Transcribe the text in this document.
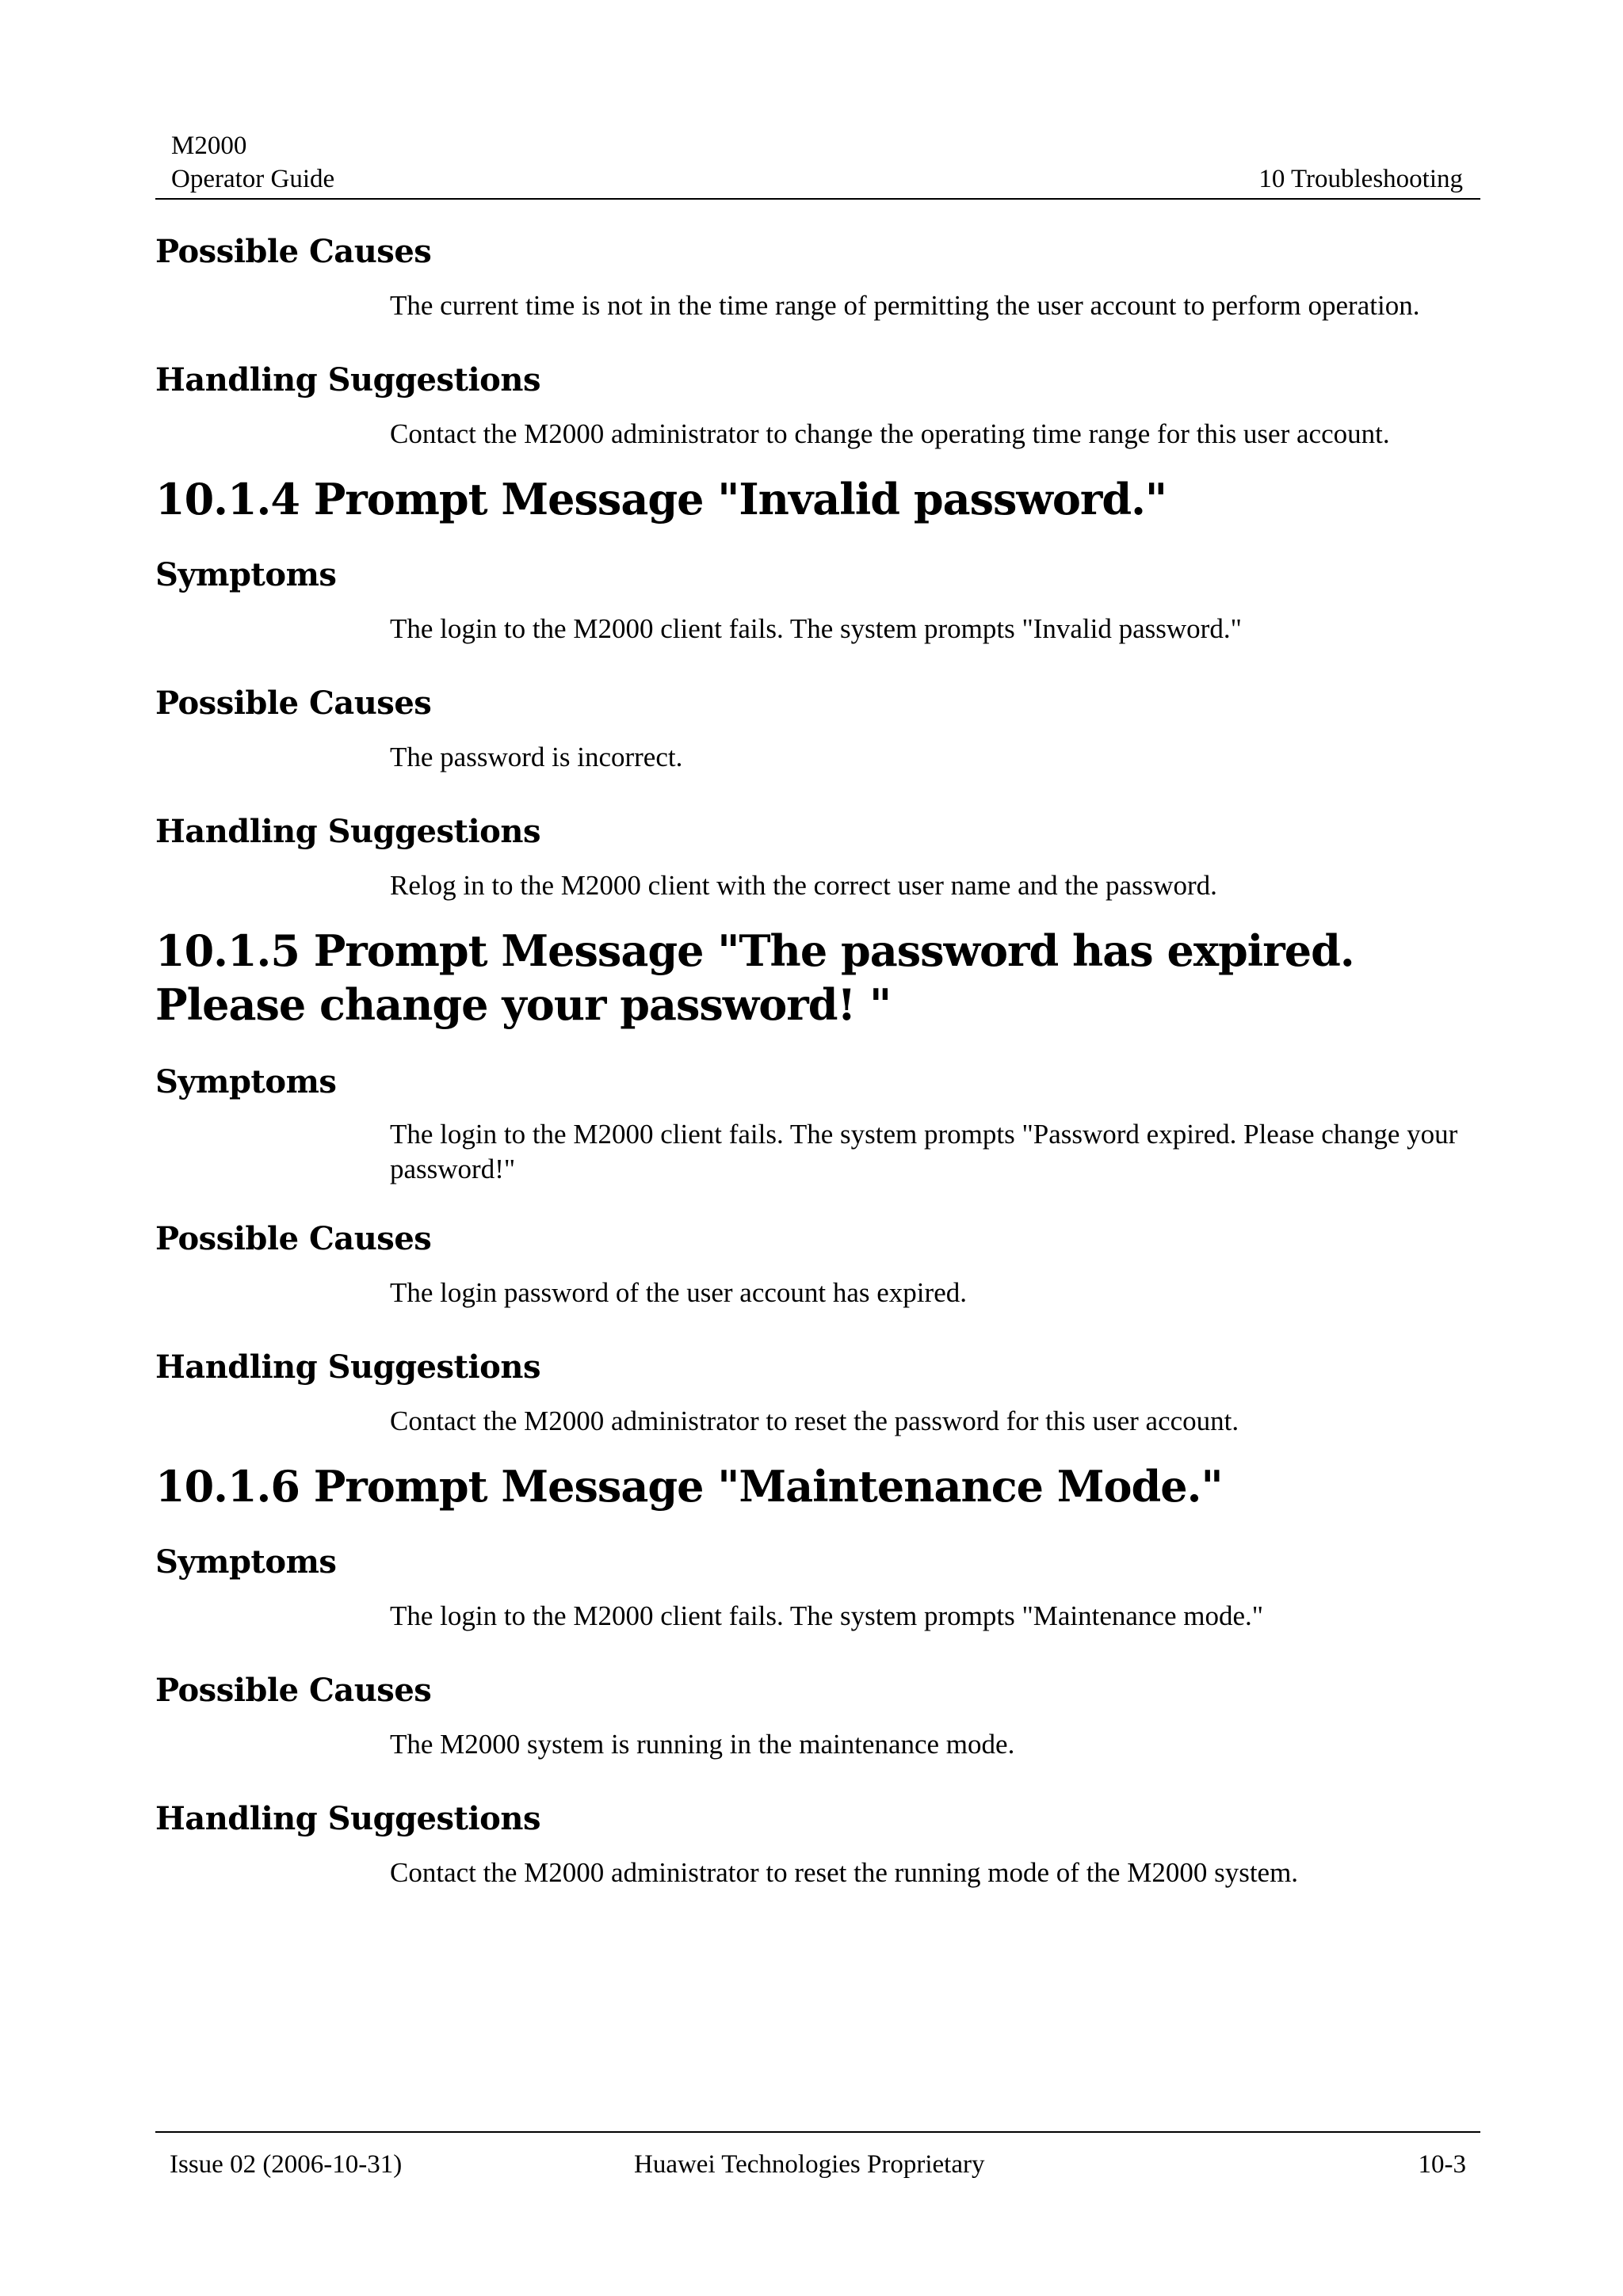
M2000
Operator Guide	10 Troubleshooting
Possible Causes

The current time is not in the time range of permitting the user account to perform operation.

Handling Suggestions

Contact the M2000 administrator to change the operating time range for this user account.

10.1.4 Prompt Message "Invalid password."
Symptoms

The login to the M2000 client fails. The system prompts "Invalid password."

Possible Causes

The password is incorrect.

Handling Suggestions

Relog in to the M2000 client with the correct user name and the password.

10.1.5 Prompt Message "The password has expired. Please change your password! "
Symptoms

The login to the M2000 client fails. The system prompts "Password expired. Please change your password!"

Possible Causes

The login password of the user account has expired.

Handling Suggestions

Contact the M2000 administrator to reset the password for this user account.

10.1.6 Prompt Message "Maintenance Mode."
Symptoms

The login to the M2000 client fails. The system prompts "Maintenance mode."

Possible Causes

The M2000 system is running in the maintenance mode.

Handling Suggestions

Contact the M2000 administrator to reset the running mode of the M2000 system.

Issue 02 (2006-10-31)	Huawei Technologies Proprietary	10-3
